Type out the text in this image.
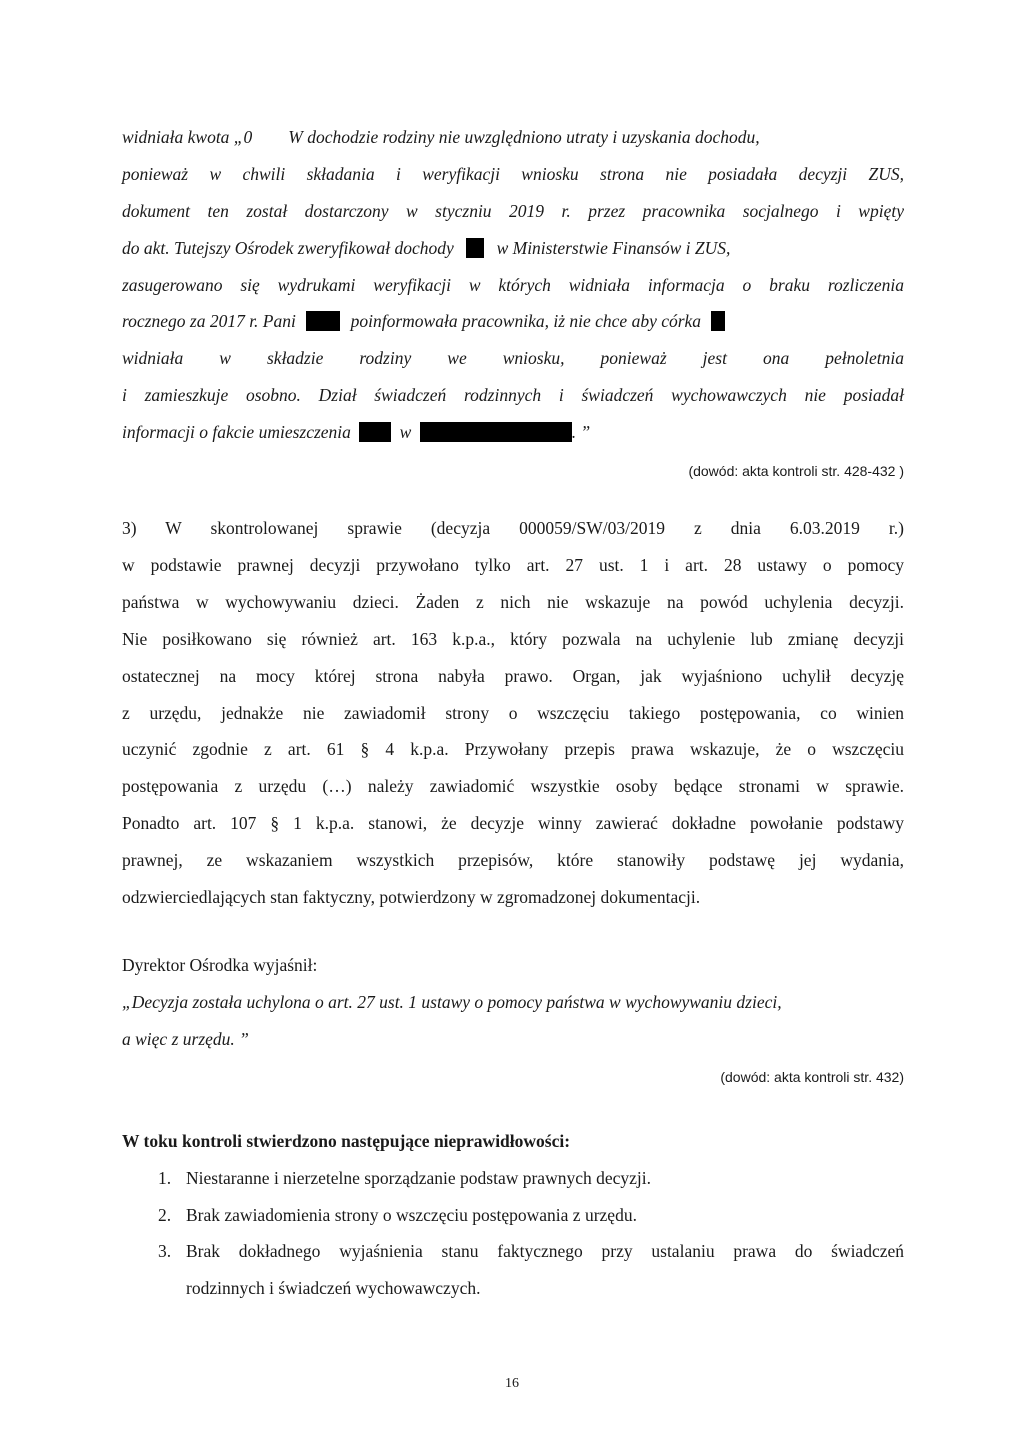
widniała kwota „0 W dochodzie rodziny nie uwzględniono utraty i uzyskania dochodu,
ponieważ w chwili składania i weryfikacji wniosku strona nie posiadała decyzji ZUS,
dokument ten został dostarczony w styczniu 2019 r. przez pracownika socjalnego i wpięty
do akt. Tutejszy Ośrodek zweryfikował dochody w Ministerstwie Finansów i ZUS,
zasugerowano się wydrukami weryfikacji w których widniała informacja o braku rozliczenia
rocznego za 2017 r. Pani	poinformowała pracownika, iż nie chce aby córka
widniała w składzie rodziny we wniosku, ponieważ jest ona pełnoletnia
i zamieszkuje osobno. Dział świadczeń rodzinnych i świadczeń wychowawczych nie posiadał
informacji o fakcie umieszczenia	w	. ”
(dowód: akta kontroli str. 428-432 )
3) W skontrolowanej sprawie (decyzja 000059/SW/03/2019 z dnia 6.03.2019 r.)
w podstawie prawnej decyzji przywołano tylko art. 27 ust. 1 i art. 28 ustawy o pomocy
państwa w wychowywaniu dzieci. Żaden z nich nie wskazuje na powód uchylenia decyzji.
Nie posiłkowano się również art. 163 k.p.a., który pozwala na uchylenie lub zmianę decyzji
ostatecznej na mocy której strona nabyła prawo. Organ, jak wyjaśniono uchylił decyzję
z urzędu, jednakże nie zawiadomił strony o wszczęciu takiego postępowania, co winien
uczynić zgodnie z art. 61 § 4 k.p.a. Przywołany przepis prawa wskazuje, że o wszczęciu
postępowania z urzędu (…) należy zawiadomić wszystkie osoby będące stronami w sprawie.
Ponadto art. 107 § 1 k.p.a. stanowi, że decyzje winny zawierać dokładne powołanie podstawy
prawnej, ze wskazaniem wszystkich przepisów, które stanowiły podstawę jej wydania,
odzwierciedlających stan faktyczny, potwierdzony w zgromadzonej dokumentacji.
Dyrektor Ośrodka wyjaśnił:
„Decyzja została uchylona o art. 27 ust. 1 ustawy o pomocy państwa w wychowywaniu dzieci,
a więc z urzędu. ”
(dowód: akta kontroli str. 432)
W toku kontroli stwierdzono następujące nieprawidłowości:
1. Niestaranne i nierzetelne sporządzanie podstaw prawnych decyzji.
2. Brak zawiadomienia strony o wszczęciu postępowania z urzędu.
3. Brak dokładnego wyjaśnienia stanu faktycznego przy ustalaniu prawa do świadczeń
rodzinnych i świadczeń wychowawczych.
16
